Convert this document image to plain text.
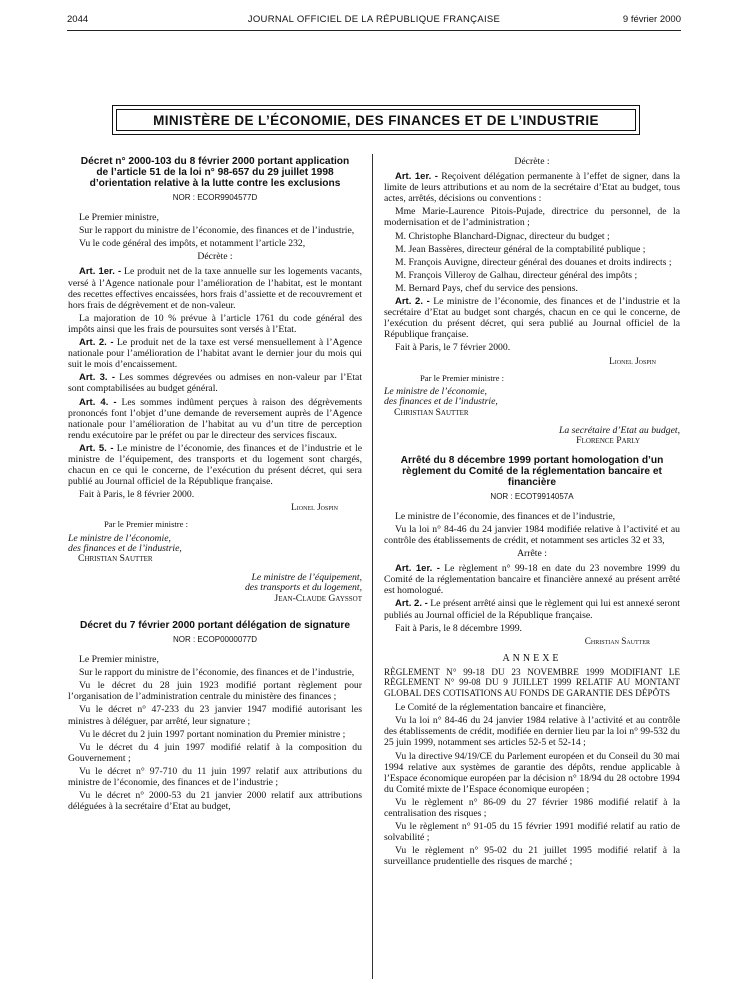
2044	JOURNAL OFFICIEL DE LA RÉPUBLIQUE FRANÇAISE	9 février 2000
MINISTÈRE DE L’ÉCONOMIE, DES FINANCES ET DE L’INDUSTRIE
Décret n° 2000-103 du 8 février 2000 portant application de l’article 51 de la loi n° 98-657 du 29 juillet 1998 d’orientation relative à la lutte contre les exclusions
NOR : ECOR9904577D

Le Premier ministre,

Sur le rapport du ministre de l’économie, des finances et de l’industrie,

Vu le code général des impôts, et notamment l’article 232,

Décrète :

Art. 1er. - Le produit net de la taxe annuelle sur les logements vacants, versé à l’Agence nationale pour l’amélioration de l’habitat, est le montant des recettes effectives encaissées, hors frais d’assiette et de recouvrement et hors frais de dégrèvement et de non-valeur.

La majoration de 10 % prévue à l’article 1761 du code général des impôts ainsi que les frais de poursuites sont versés à l’Etat.

Art. 2. - Le produit net de la taxe est versé mensuellement à l’Agence nationale pour l’amélioration de l’habitat avant le dernier jour du mois qui suit le mois d’encaissement.

Art. 3. - Les sommes dégrevées ou admises en non-valeur par l’Etat sont comptabilisées au budget général.

Art. 4. - Les sommes indûment perçues à raison des dégrèvements prononcés font l’objet d’une demande de reversement auprès de l’Agence nationale pour l’amélioration de l’habitat au vu d’un titre de perception rendu exécutoire par le préfet ou par le directeur des services fiscaux.

Art. 5. - Le ministre de l’économie, des finances et de l’industrie et le ministre de l’équipement, des transports et du logement sont chargés, chacun en ce qui le concerne, de l’exécution du présent décret, qui sera publié au Journal officiel de la République française.

Fait à Paris, le 8 février 2000.

Lionel Jospin
Par le Premier ministre :
Le ministre de l’économie,
des finances et de l’industrie,
Christian Sautter
Le ministre de l’équipement,
des transports et du logement,
Jean-Claude Gayssot
Décret du 7 février 2000 portant délégation de signature
NOR : ECOP0000077D

Le Premier ministre,

Sur le rapport du ministre de l’économie, des finances et de l’industrie,

Vu le décret du 28 juin 1923 modifié portant règlement pour l’organisation de l’administration centrale du ministère des finances ;

Vu le décret n° 47-233 du 23 janvier 1947 modifié autorisant les ministres à déléguer, par arrêté, leur signature ;

Vu le décret du 2 juin 1997 portant nomination du Premier ministre ;

Vu le décret du 4 juin 1997 modifié relatif à la composition du Gouvernement ;

Vu le décret n° 97-710 du 11 juin 1997 relatif aux attributions du ministre de l’économie, des finances et de l’industrie ;

Vu le décret n° 2000-53 du 21 janvier 2000 relatif aux attributions déléguées à la secrétaire d’Etat au budget,

Décrète :

Art. 1er. - Reçoivent délégation permanente à l’effet de signer, dans la limite de leurs attributions et au nom de la secrétaire d’Etat au budget, tous actes, arrêtés, décisions ou conventions :

Mme Marie-Laurence Pitois-Pujade, directrice du personnel, de la modernisation et de l’administration ;

M. Christophe Blanchard-Dignac, directeur du budget ;

M. Jean Bassères, directeur général de la comptabilité publique ;

M. François Auvigne, directeur général des douanes et droits indirects ;

M. François Villeroy de Galhau, directeur général des impôts ;

M. Bernard Pays, chef du service des pensions.

Art. 2. - Le ministre de l’économie, des finances et de l’industrie et la secrétaire d’Etat au budget sont chargés, chacun en ce qui le concerne, de l’exécution du présent décret, qui sera publié au Journal officiel de la République française.

Fait à Paris, le 7 février 2000.

Lionel Jospin
Par le Premier ministre :
Le ministre de l’économie,
des finances et de l’industrie,
Christian Sautter
La secrétaire d’Etat au budget,
Florence Parly
Arrêté du 8 décembre 1999 portant homologation d’un règlement du Comité de la réglementation bancaire et financière
NOR : ECOT9914057A

Le ministre de l’économie, des finances et de l’industrie,

Vu la loi n° 84-46 du 24 janvier 1984 modifiée relative à l’activité et au contrôle des établissements de crédit, et notamment ses articles 32 et 33,

Arrête :

Art. 1er. - Le règlement n° 99-18 en date du 23 novembre 1999 du Comité de la réglementation bancaire et financière annexé au présent arrêté est homologué.

Art. 2. - Le présent arrêté ainsi que le règlement qui lui est annexé seront publiés au Journal officiel de la République française.

Fait à Paris, le 8 décembre 1999.

Christian Sautter
ANNEXE
RÈGLEMENT N° 99-18 DU 23 NOVEMBRE 1999 MODIFIANT LE RÈGLEMENT N° 99-08 DU 9 JUILLET 1999 RELATIF AU MONTANT GLOBAL DES COTISATIONS AU FONDS DE GARANTIE DES DÉPÔTS

Le Comité de la réglementation bancaire et financière,

Vu la loi n° 84-46 du 24 janvier 1984 relative à l’activité et au contrôle des établissements de crédit, modifiée en dernier lieu par la loi n° 99-532 du 25 juin 1999, notamment ses articles 52-5 et 52-14 ;

Vu la directive 94/19/CE du Parlement européen et du Conseil du 30 mai 1994 relative aux systèmes de garantie des dépôts, rendue applicable à l’Espace économique européen par la décision n° 18/94 du 28 octobre 1994 du Comité mixte de l’Espace économique européen ;

Vu le règlement n° 86-09 du 27 février 1986 modifié relatif à la centralisation des risques ;

Vu le règlement n° 91-05 du 15 février 1991 modifié relatif au ratio de solvabilité ;

Vu le règlement n° 95-02 du 21 juillet 1995 modifié relatif à la surveillance prudentielle des risques de marché ;
